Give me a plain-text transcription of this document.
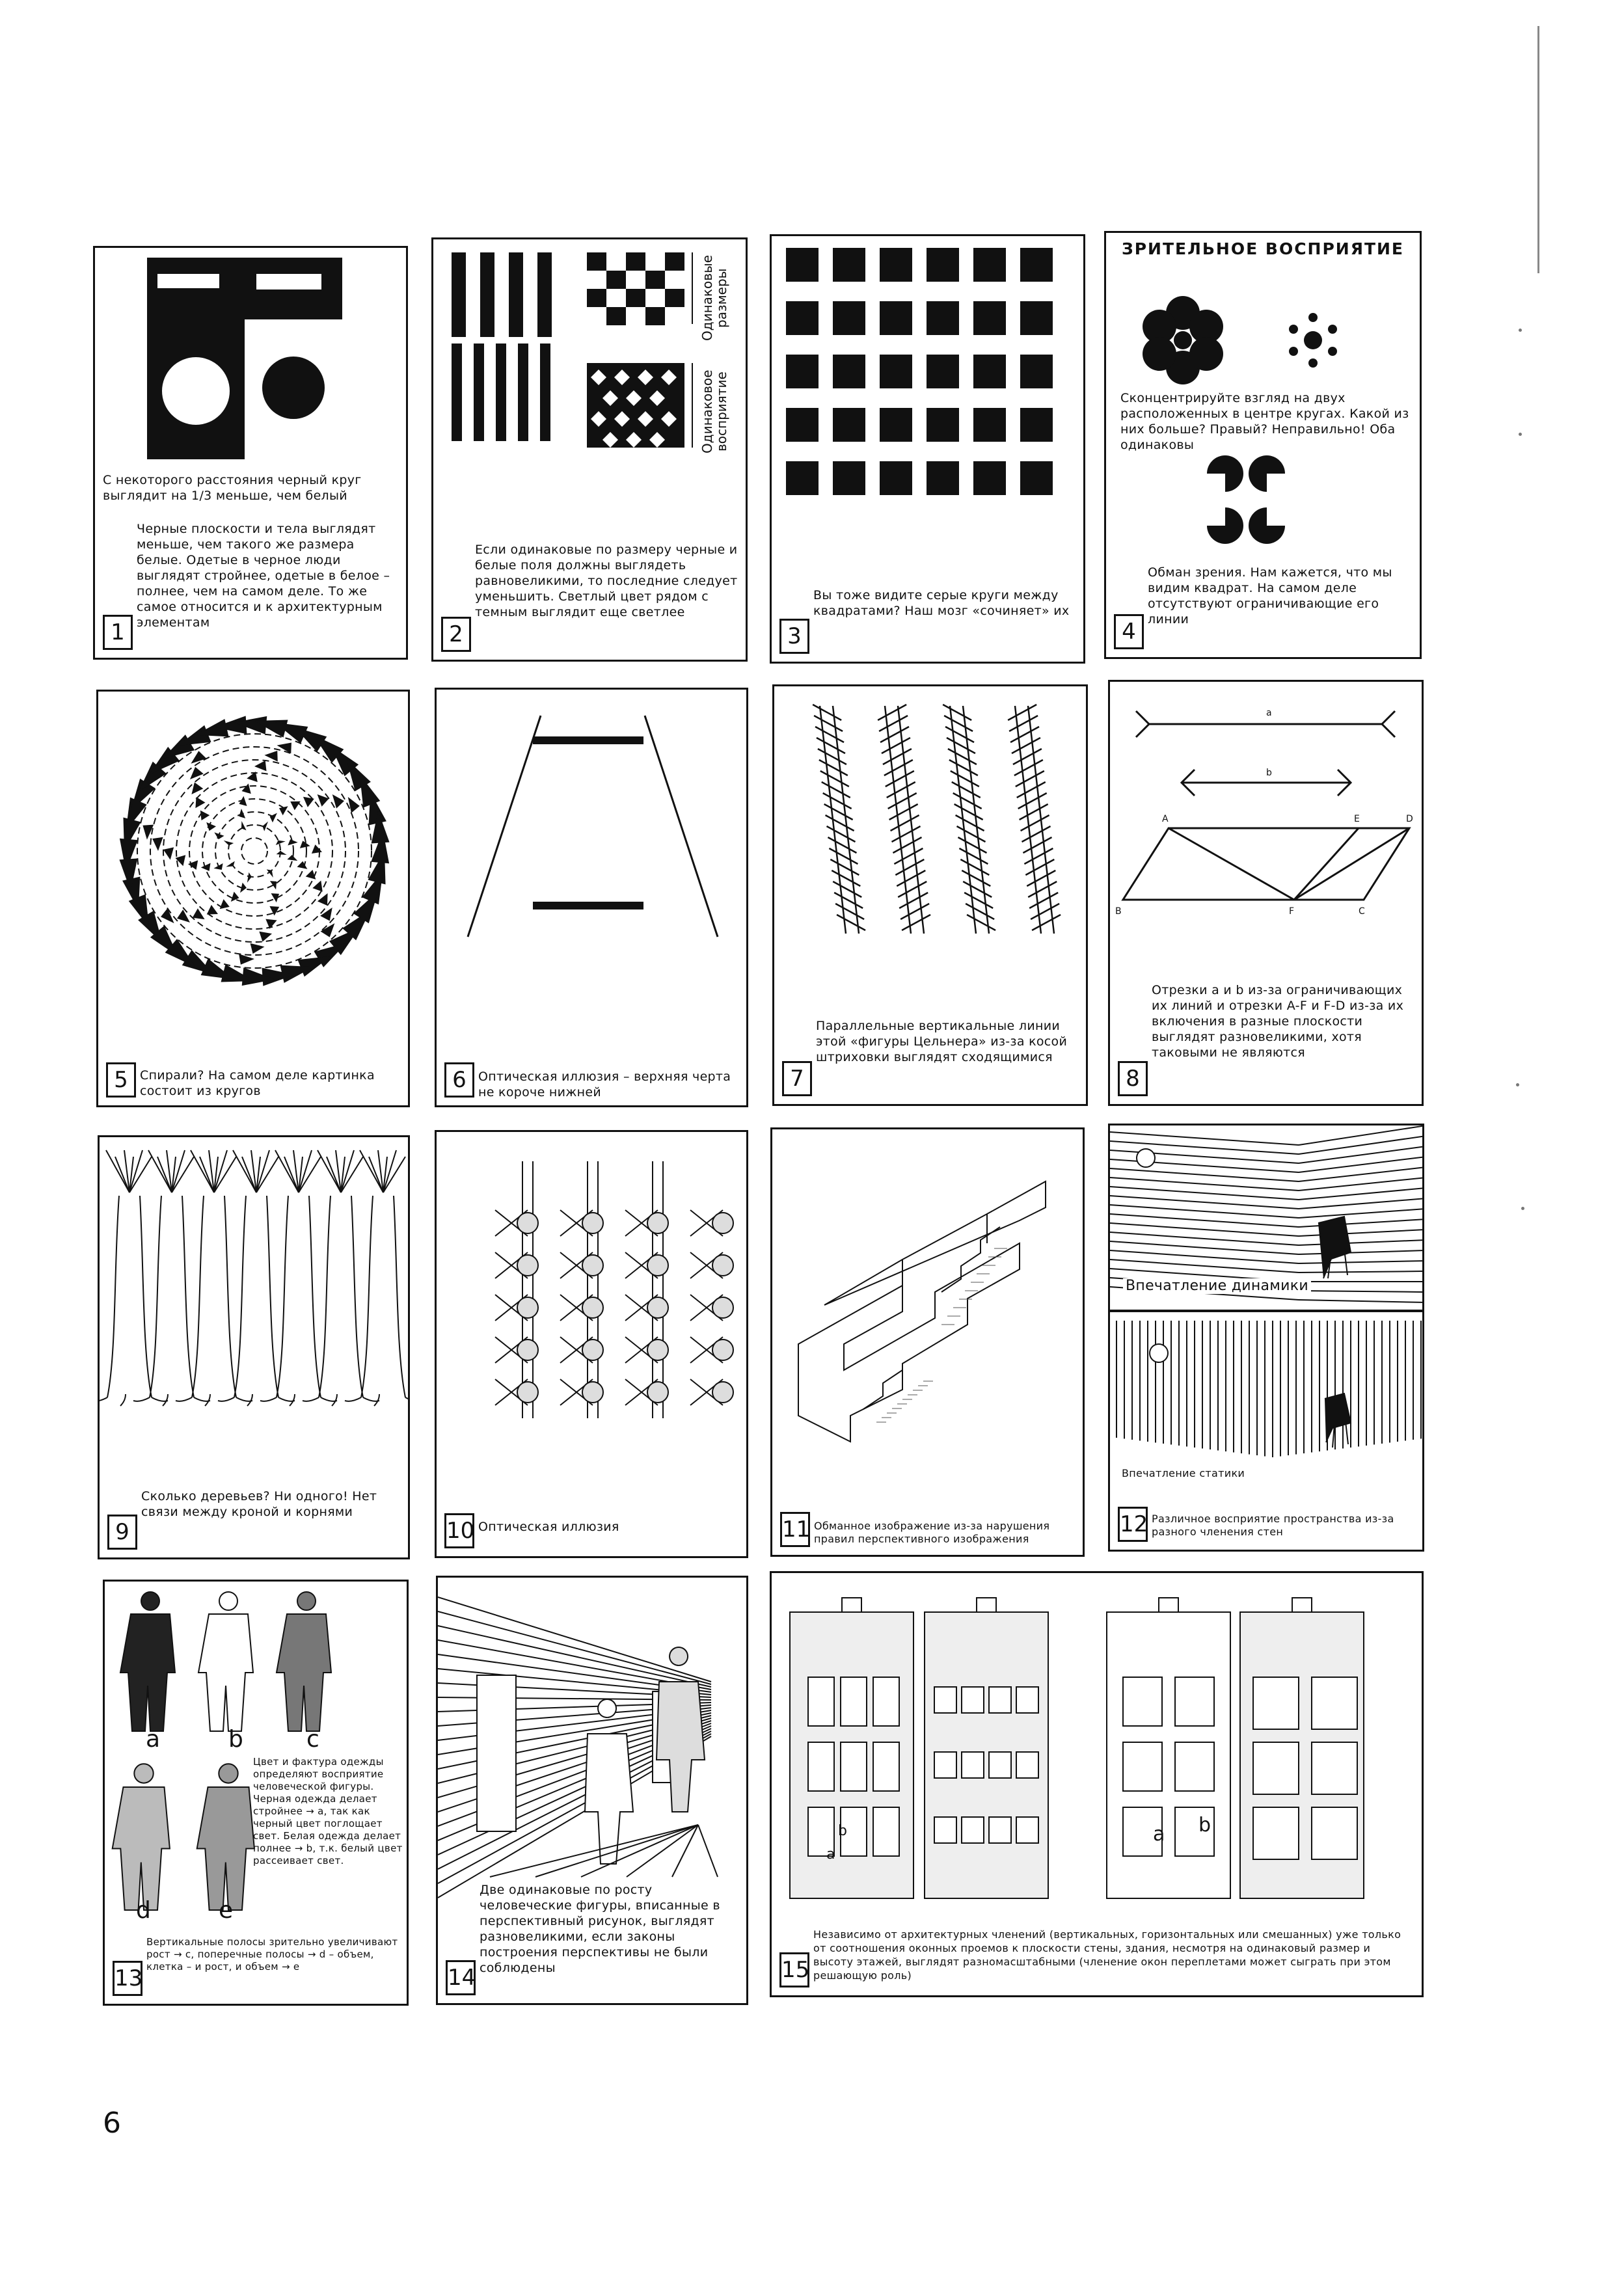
С некоторого расстояния черный круг выглядит на 1/3 меньше, чем белый
Черные плоскости и тела выглядят меньше, чем такого же размера белые. Одетые в черное люди выглядят стройнее, одетые в белое – полнее, чем на самом деле. То же самое относится и к архитектурным элементам
1
Одинаковые размеры
Одинаковое восприятие
Если одинаковые по размеру черные и белые поля должны выглядеть равновеликими, то последние следует уменьшить. Светлый цвет рядом с темным выглядит еще светлее
2
Вы тоже видите серые круги между квадратами? Наш мозг «сочиняет» их
3
ЗРИТЕЛЬНОЕ ВОСПРИЯТИЕ
Сконцентрируйте взгляд на двух расположенных в центре кругах. Какой из них больше? Правый? Неправильно! Оба одинаковы
Обман зрения. Нам кажется, что мы видим квадрат. На самом деле отсутствуют ограничивающие его линии
4
Спирали? На самом деле картинка состоит из кругов
5	Оптическая иллюзия – верхняя черта не короче нижней
6
Параллельные вертикальные линии этой «фигуры Цельнера» из-за косой штриховки выглядят сходящимися
7
a
b
A	E	D
B	F	C
Отрезки a и b из-за ограничивающих их линий и отрезки A-F и F-D из-за их включения в разные плоскости выглядят разновеликими, хотя таковыми не являются
8
Сколько деревьев? Ни одного! Нет связи между кроной и корнями
9	Оптическая иллюзия
10	Обманное изображение из-за нарушения правил перспективного изображения
11
Впечатление динамики
Впечатление статики
Различное восприятие пространства из-за разного членения стен
12
a	b	c
d	e
Цвет и фактура одежды определяют восприятие человеческой фигуры. Черная одежда делает стройнее → a, так как черный цвет поглощает свет. Белая одежда делает полнее → b, т.к. белый цвет рассеивает свет.
Вертикальные полосы зрительно увеличивают рост → c, поперечные полосы → d – объем, клетка – и рост, и объем → e
13
Две одинаковые по росту человеческие фигуры, вписанные в перспективный рисунок, выглядят разновеликими, если законы построения перспективы не были соблюдены
14
a
b	a b
Независимо от архитектурных членений (вертикальных, горизонтальных или смешанных) уже только от соотношения оконных проемов к плоскости стены, здания, несмотря на одинаковый размер и высоту этажей, выглядят разномасштабными (членение окон переплетами может сыграть при этом решающую роль)
15
6
